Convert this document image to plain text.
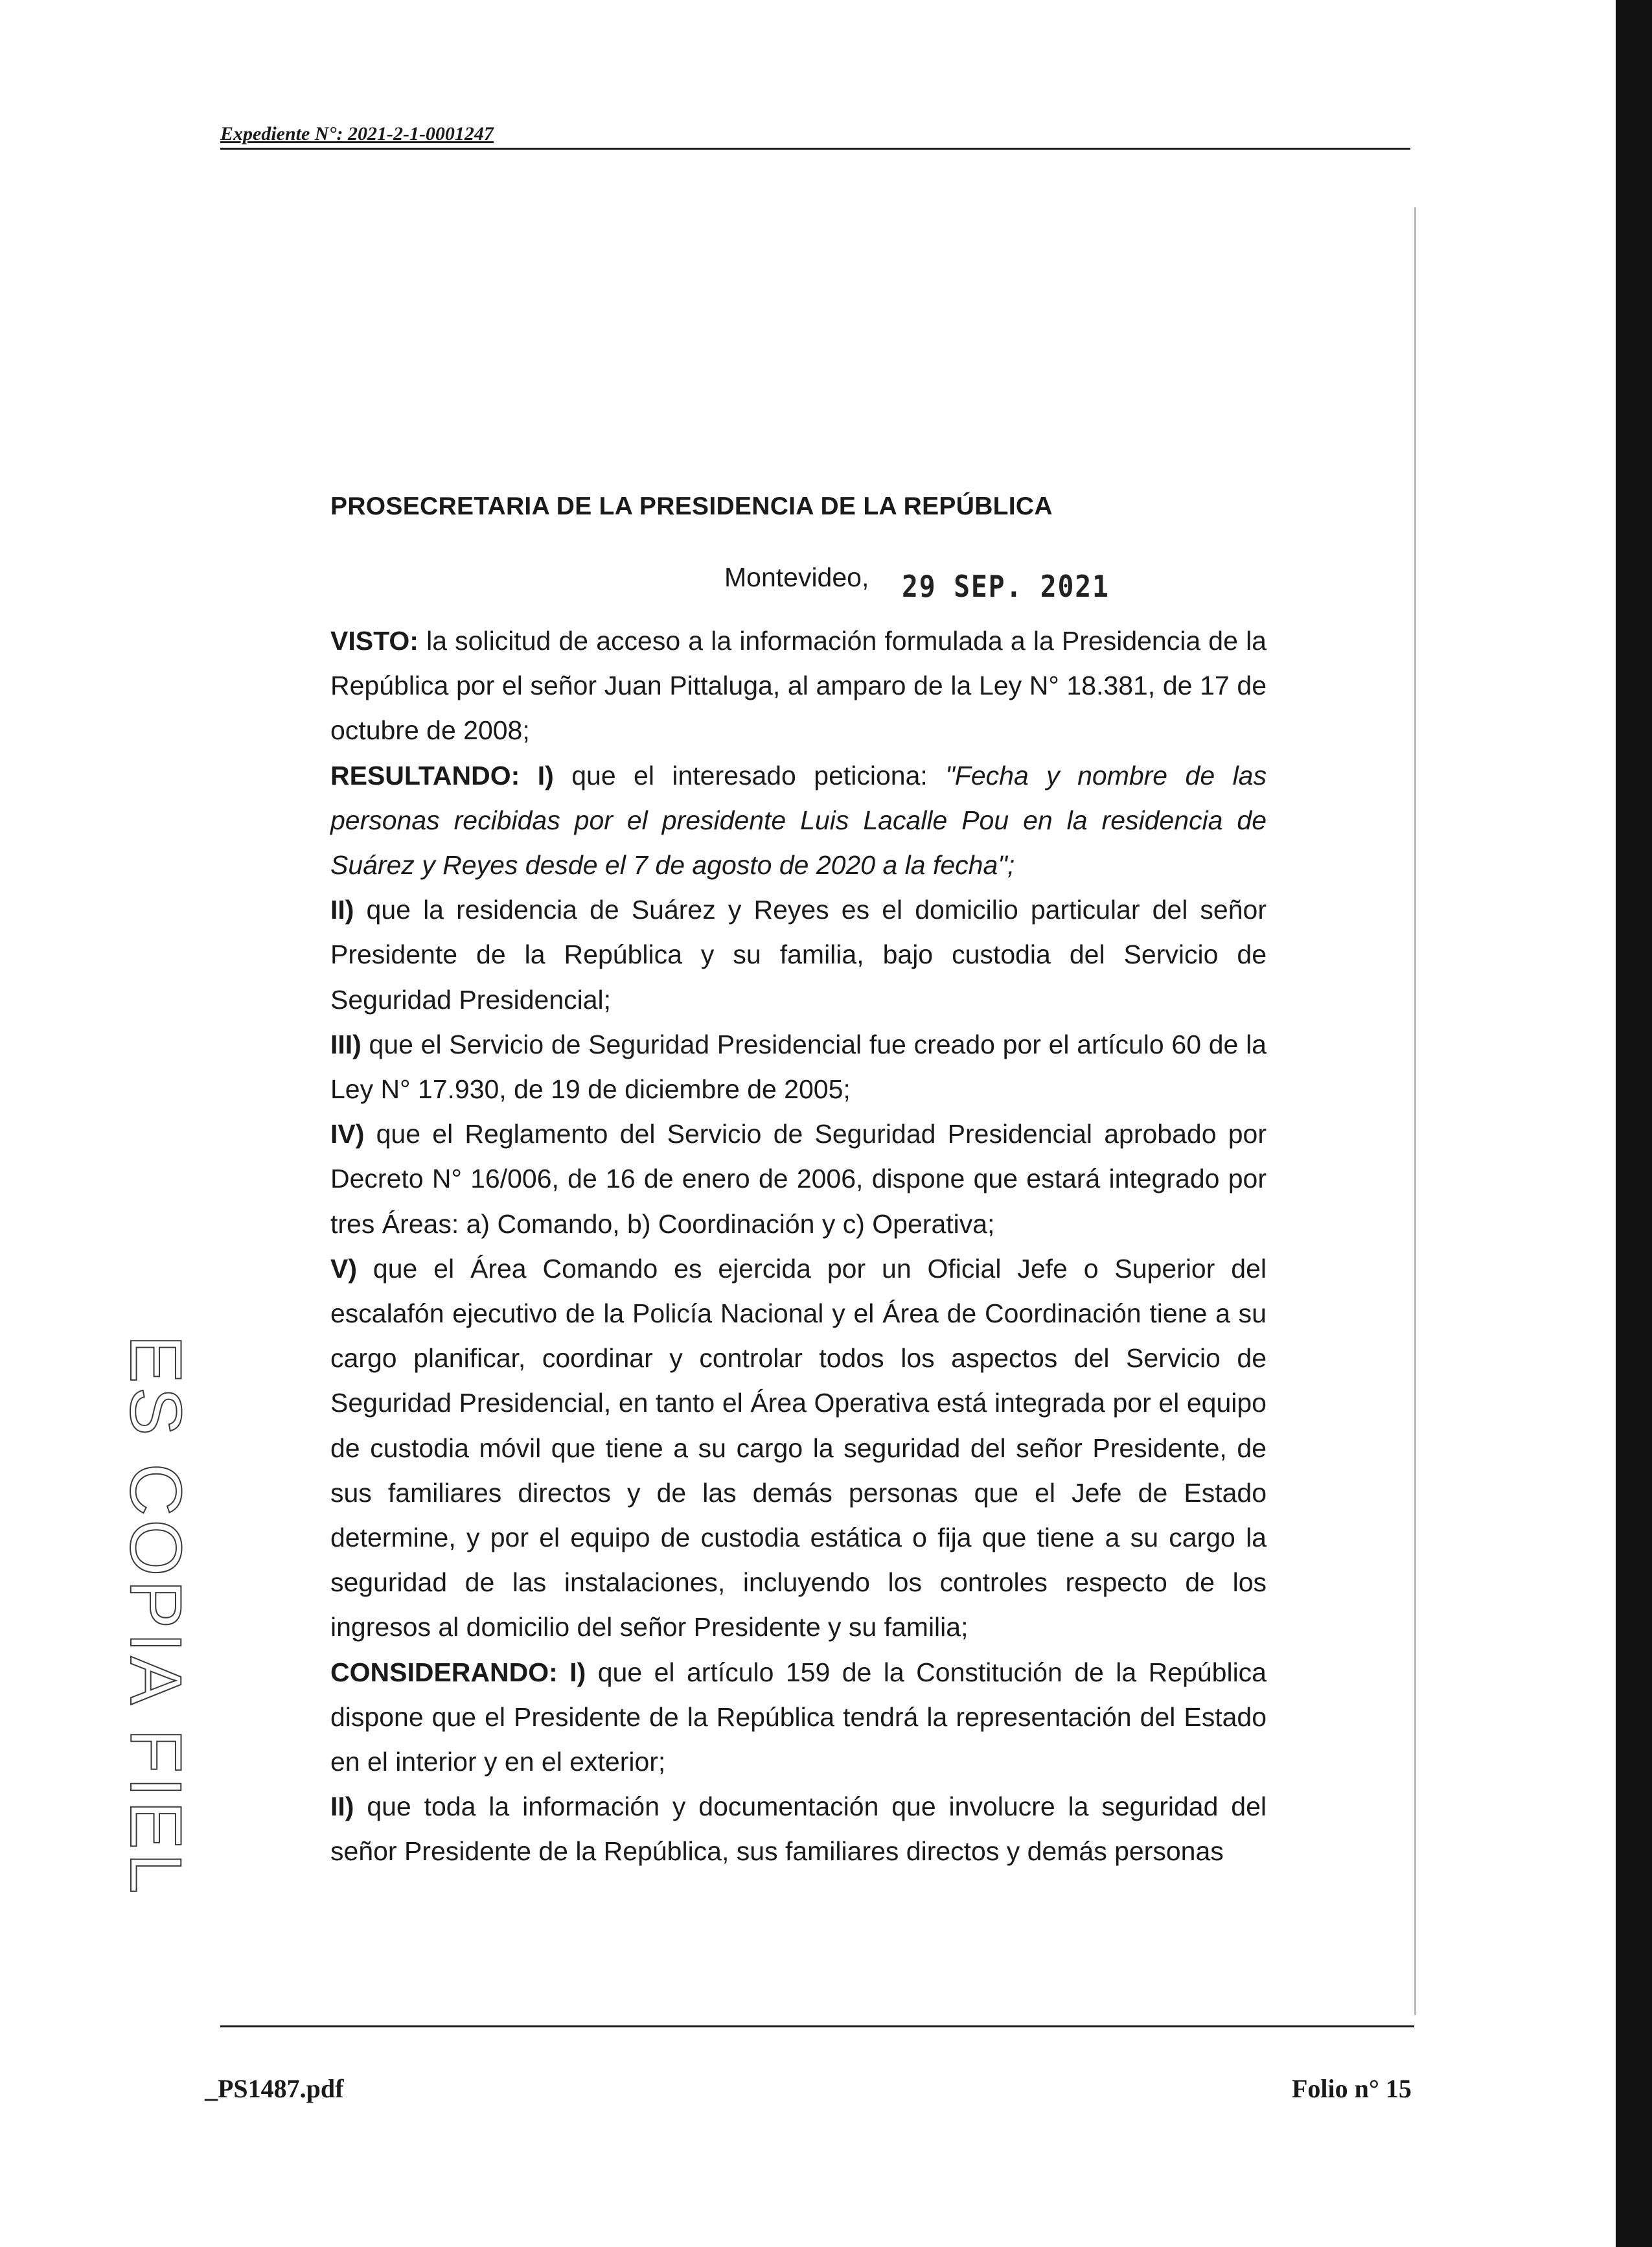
Expediente N°: 2021-2-1-0001247
PROSECRETARIA DE LA PRESIDENCIA DE LA REPÚBLICA
Montevideo, 29 SEP. 2021

VISTO: la solicitud de acceso a la información formulada a la Presidencia de la República por el señor Juan Pittaluga, al amparo de la Ley N° 18.381, de 17 de octubre de 2008;

RESULTANDO: I) que el interesado peticiona: "Fecha y nombre de las personas recibidas por el presidente Luis Lacalle Pou en la residencia de Suárez y Reyes desde el 7 de agosto de 2020 a la fecha";

II) que la residencia de Suárez y Reyes es el domicilio particular del señor Presidente de la República y su familia, bajo custodia del Servicio de Seguridad Presidencial;

III) que el Servicio de Seguridad Presidencial fue creado por el artículo 60 de la Ley N° 17.930, de 19 de diciembre de 2005;

IV) que el Reglamento del Servicio de Seguridad Presidencial aprobado por Decreto N° 16/006, de 16 de enero de 2006, dispone que estará integrado por tres Áreas: a) Comando, b) Coordinación y c) Operativa;

V) que el Área Comando es ejercida por un Oficial Jefe o Superior del escalafón ejecutivo de la Policía Nacional y el Área de Coordinación tiene a su cargo planificar, coordinar y controlar todos los aspectos del Servicio de Seguridad Presidencial, en tanto el Área Operativa está integrada por el equipo de custodia móvil que tiene a su cargo la seguridad del señor Presidente, de sus familiares directos y de las demás personas que el Jefe de Estado determine, y por el equipo de custodia estática o fija que tiene a su cargo la seguridad de las instalaciones, incluyendo los controles respecto de los ingresos al domicilio del señor Presidente y su familia;

CONSIDERANDO: I) que el artículo 159 de la Constitución de la República dispone que el Presidente de la República tendrá la representación del Estado en el interior y en el exterior;

II) que toda la información y documentación que involucre la seguridad del señor Presidente de la República, sus familiares directos y demás personas

ES COPIA FIEL
_PS1487.pdf	Folio n° 15
